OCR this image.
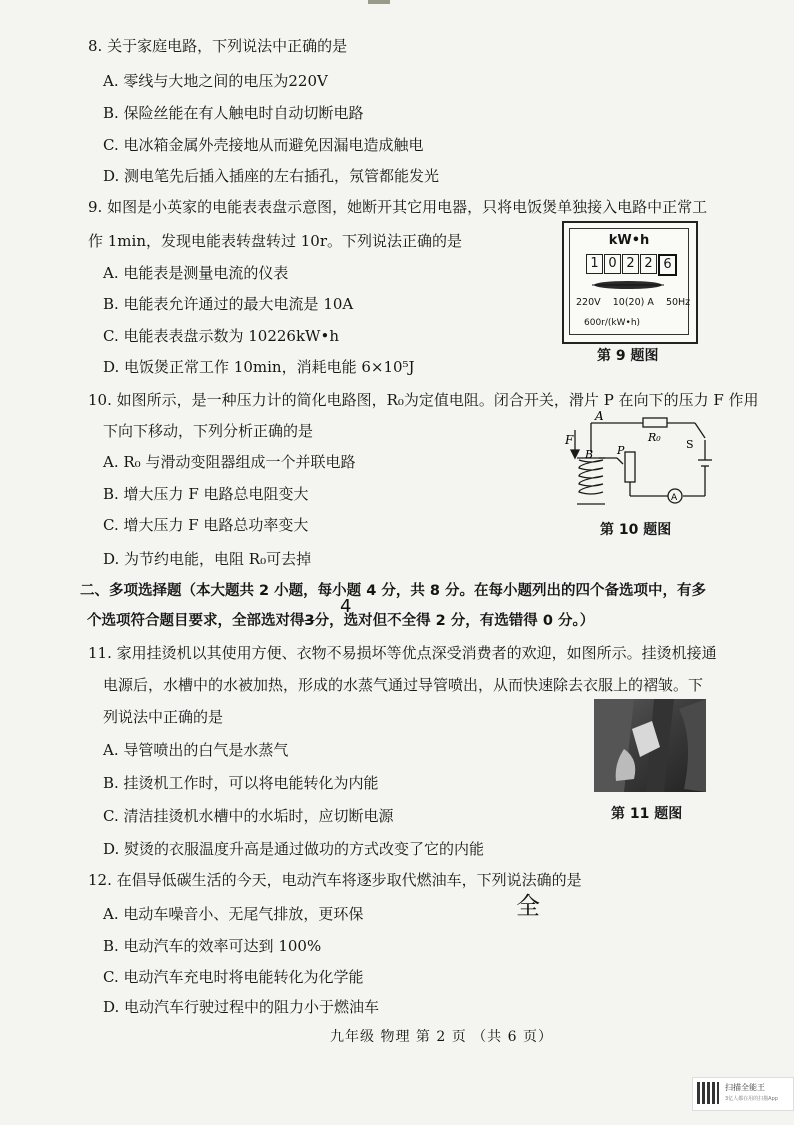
8. 关于家庭电路，下列说法中正确的是
A. 零线与大地之间的电压为220V
B. 保险丝能在有人触电时自动切断电路
C. 电冰箱金属外壳接地从而避免因漏电造成触电
D. 测电笔先后插入插座的左右插孔，氖管都能发光
9. 如图是小英家的电能表表盘示意图，她断开其它用电器，只将电饭煲单独接入电路中正常工
作 1min，发现电能表转盘转过 10r。下列说法正确的是
A. 电能表是测量电流的仪表
B. 电能表允许通过的最大电流是 10A
C. 电能表表盘示数为 10226kW•h
D. 电饭煲正常工作 10min，消耗电能 6×10⁵J
kW•h
1 0 2 2 6
220V 10(20) A 50Hz
600r/(kW•h)
第 9 题图
10. 如图所示，是一种压力计的简化电路图，R₀为定值电阻。闭合开关，滑片 P 在向下的压力 F 作用
下向下移动，下列分析正确的是
A. R₀ 与滑动变阻器组成一个并联电路
B. 增大压力 F 电路总电阻变大
C. 增大压力 F 电路总功率变大
D. 为节约电能，电阻 R₀可去掉
A
F
B P
R₀
S
A
第 10 题图
二、多项选择题（本大题共 2 小题，每小题 4 分，共 8 分。在每小题列出的四个备选项中，有多
个选项符合题目要求，全部选对得3分，选对但不全得 2 分，有选错得 0 分。）
4
11. 家用挂烫机以其使用方便、衣物不易损坏等优点深受消费者的欢迎，如图所示。挂烫机接通
电源后，水槽中的水被加热，形成的水蒸气通过导管喷出，从而快速除去衣服上的褶皱。下
列说法中正确的是
A. 导管喷出的白气是水蒸气
B. 挂烫机工作时，可以将电能转化为内能
C. 清洁挂烫机水槽中的水垢时，应切断电源
D. 熨烫的衣服温度升高是通过做功的方式改变了它的内能
第 11 题图
12. 在倡导低碳生活的今天，电动汽车将逐步取代燃油车，下列说法确的是
全
A. 电动车噪音小、无尾气排放，更环保
B. 电动汽车的效率可达到 100%
C. 电动汽车充电时将电能转化为化学能
D. 电动汽车行驶过程中的阻力小于燃油车
九年级 物理 第 2 页 （共 6 页）
扫描全能王
3亿人都在用的扫描App
